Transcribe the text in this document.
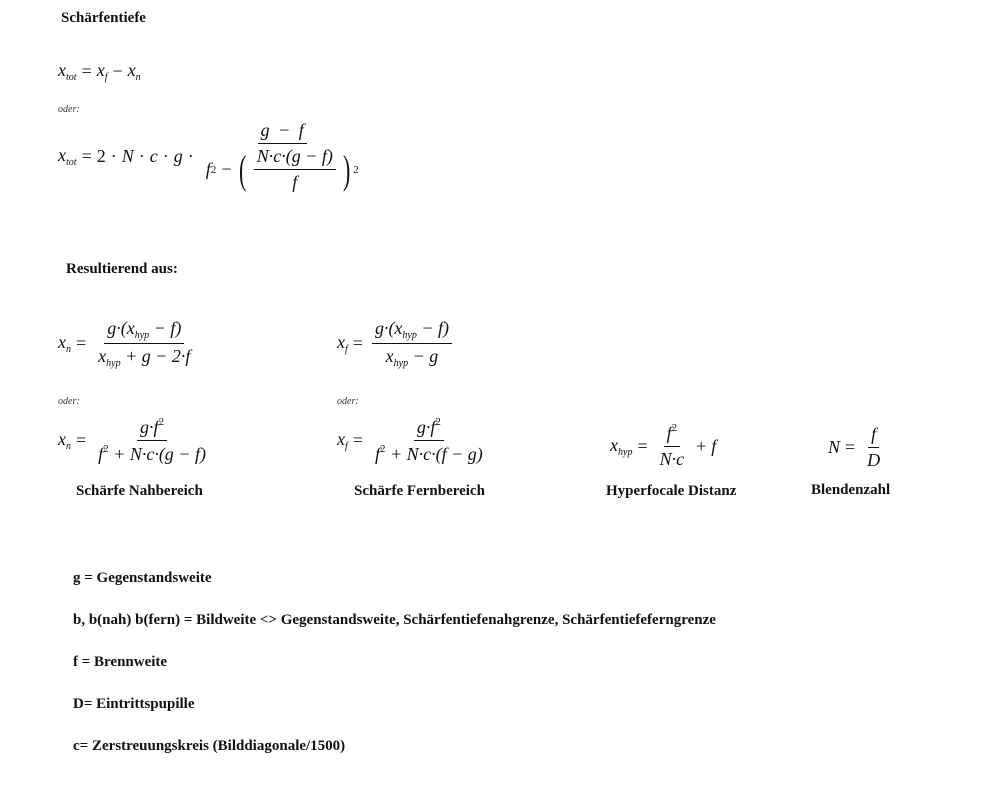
Schärfentiefe
$x_{tot} = x_f - x_n$
oder:
$x_{tot} = 2 \cdot N \cdot c \cdot g \cdot \frac{g - f}{f 2 - ( \frac{N\cdot c\cdot(g - f)}{f} ) 2}$
Resultierend aus:
$x_n = \frac{g\cdot(x_{hyp} - f)}{x_{hyp} + g - 2\cdot f}$
oder:
$x_n = \frac{g\cdot f^2}{f^2 + N\cdot c\cdot(g - f)}$
Schärfe Nahbereich
$x_f = \frac{g\cdot(x_{hyp} - f)}{x_{hyp} - g}$
oder:
$x_f = \frac{g\cdot f^2}{f^2 + N\cdot c\cdot(f - g)}$
Schärfe Fernbereich
$x_{hyp} = \frac{f^2}{N\cdot c} + f$
Hyperfocale Distanz
$N = \frac{f}{D}$
Blendenzahl
g = Gegenstandsweite
b, b(nah) b(fern) = Bildweite <> Gegenstandsweite, Schärfentiefenahgrenze, Schärfentiefeferngrenze
f = Brennweite
D= Eintrittspupille
c= Zerstreuungskreis (Bilddiagonale/1500)
